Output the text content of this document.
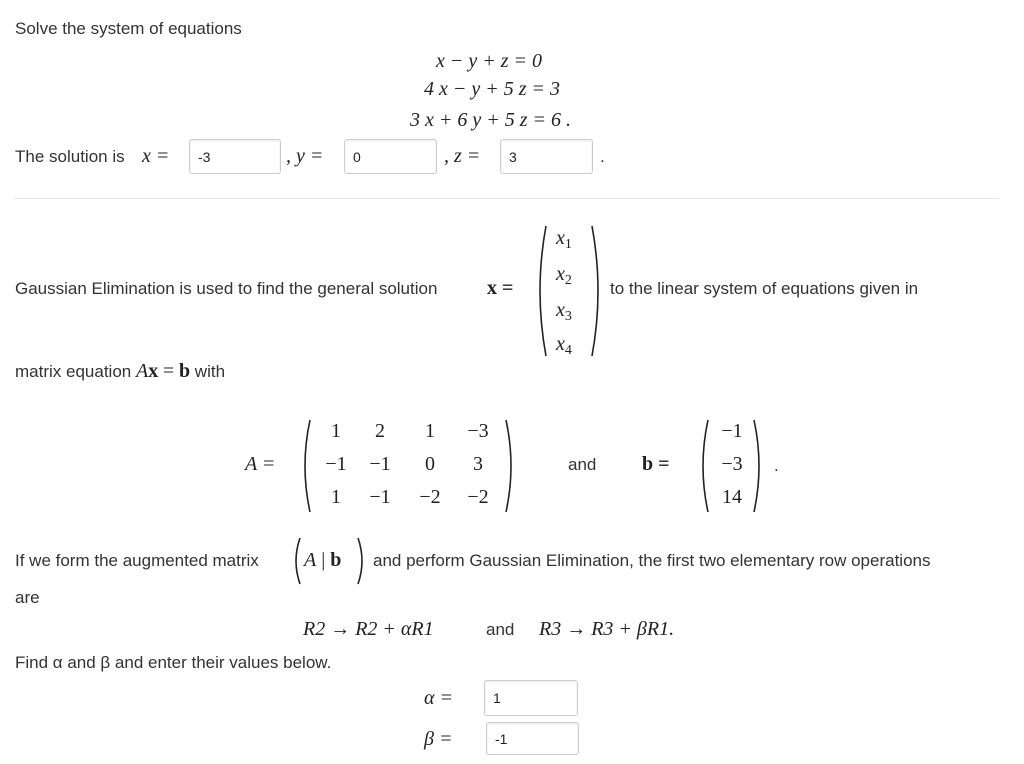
Solve the system of equations
x − y + z = 0
4 x − y + 5 z = 3
3 x + 6 y + 5 z = 6 .
The solution is x =
-3	, y =
0	, z =
3	.
Gaussian Elimination is used to find the general solution x =
$x_1$
$x_2$
$x_3$
$x_4$
to the linear system of equations given in
matrix equation Ax = b with
A =
1	2	1	−3
−1	−1	0	3
1	−1	−2	−2
and b =
−1
−3
14
.
If we form the augmented matrix A | b and perform Gaussian Elimination, the first two elementary row operations
are
R2 → R2 + αR1	and R3 → R3 + βR1.
Find α and β and enter their values below.
α =
1
β =
-1
